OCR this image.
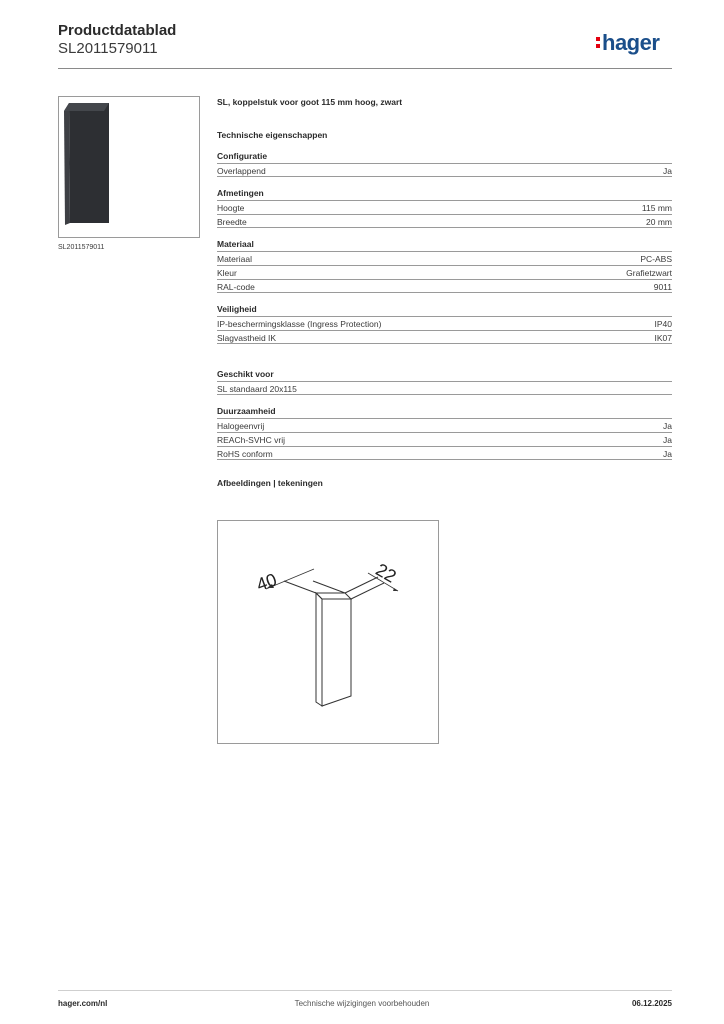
Productdatablad
SL2011579011	hager
SL2011579011
SL, koppelstuk voor goot 115 mm hoog, zwart
Technische eigenschappen
Configuratie
Overlappend	Ja
Afmetingen
Hoogte	115 mm
Breedte	20 mm
Materiaal
Materiaal	PC-ABS
Kleur	Grafietzwart
RAL-code	9011
Veiligheid
IP-beschermingsklasse (Ingress Protection)	IP40
Slagvastheid IK	IK07
Geschikt voor
SL standaard 20x115
Duurzaamheid
Halogeenvrij	Ja
REACh-SVHC vrij	Ja
RoHS conform	Ja
Afbeeldingen | tekeningen
40	22
hager.com/nl	Technische wijzigingen voorbehouden	06.12.2025
